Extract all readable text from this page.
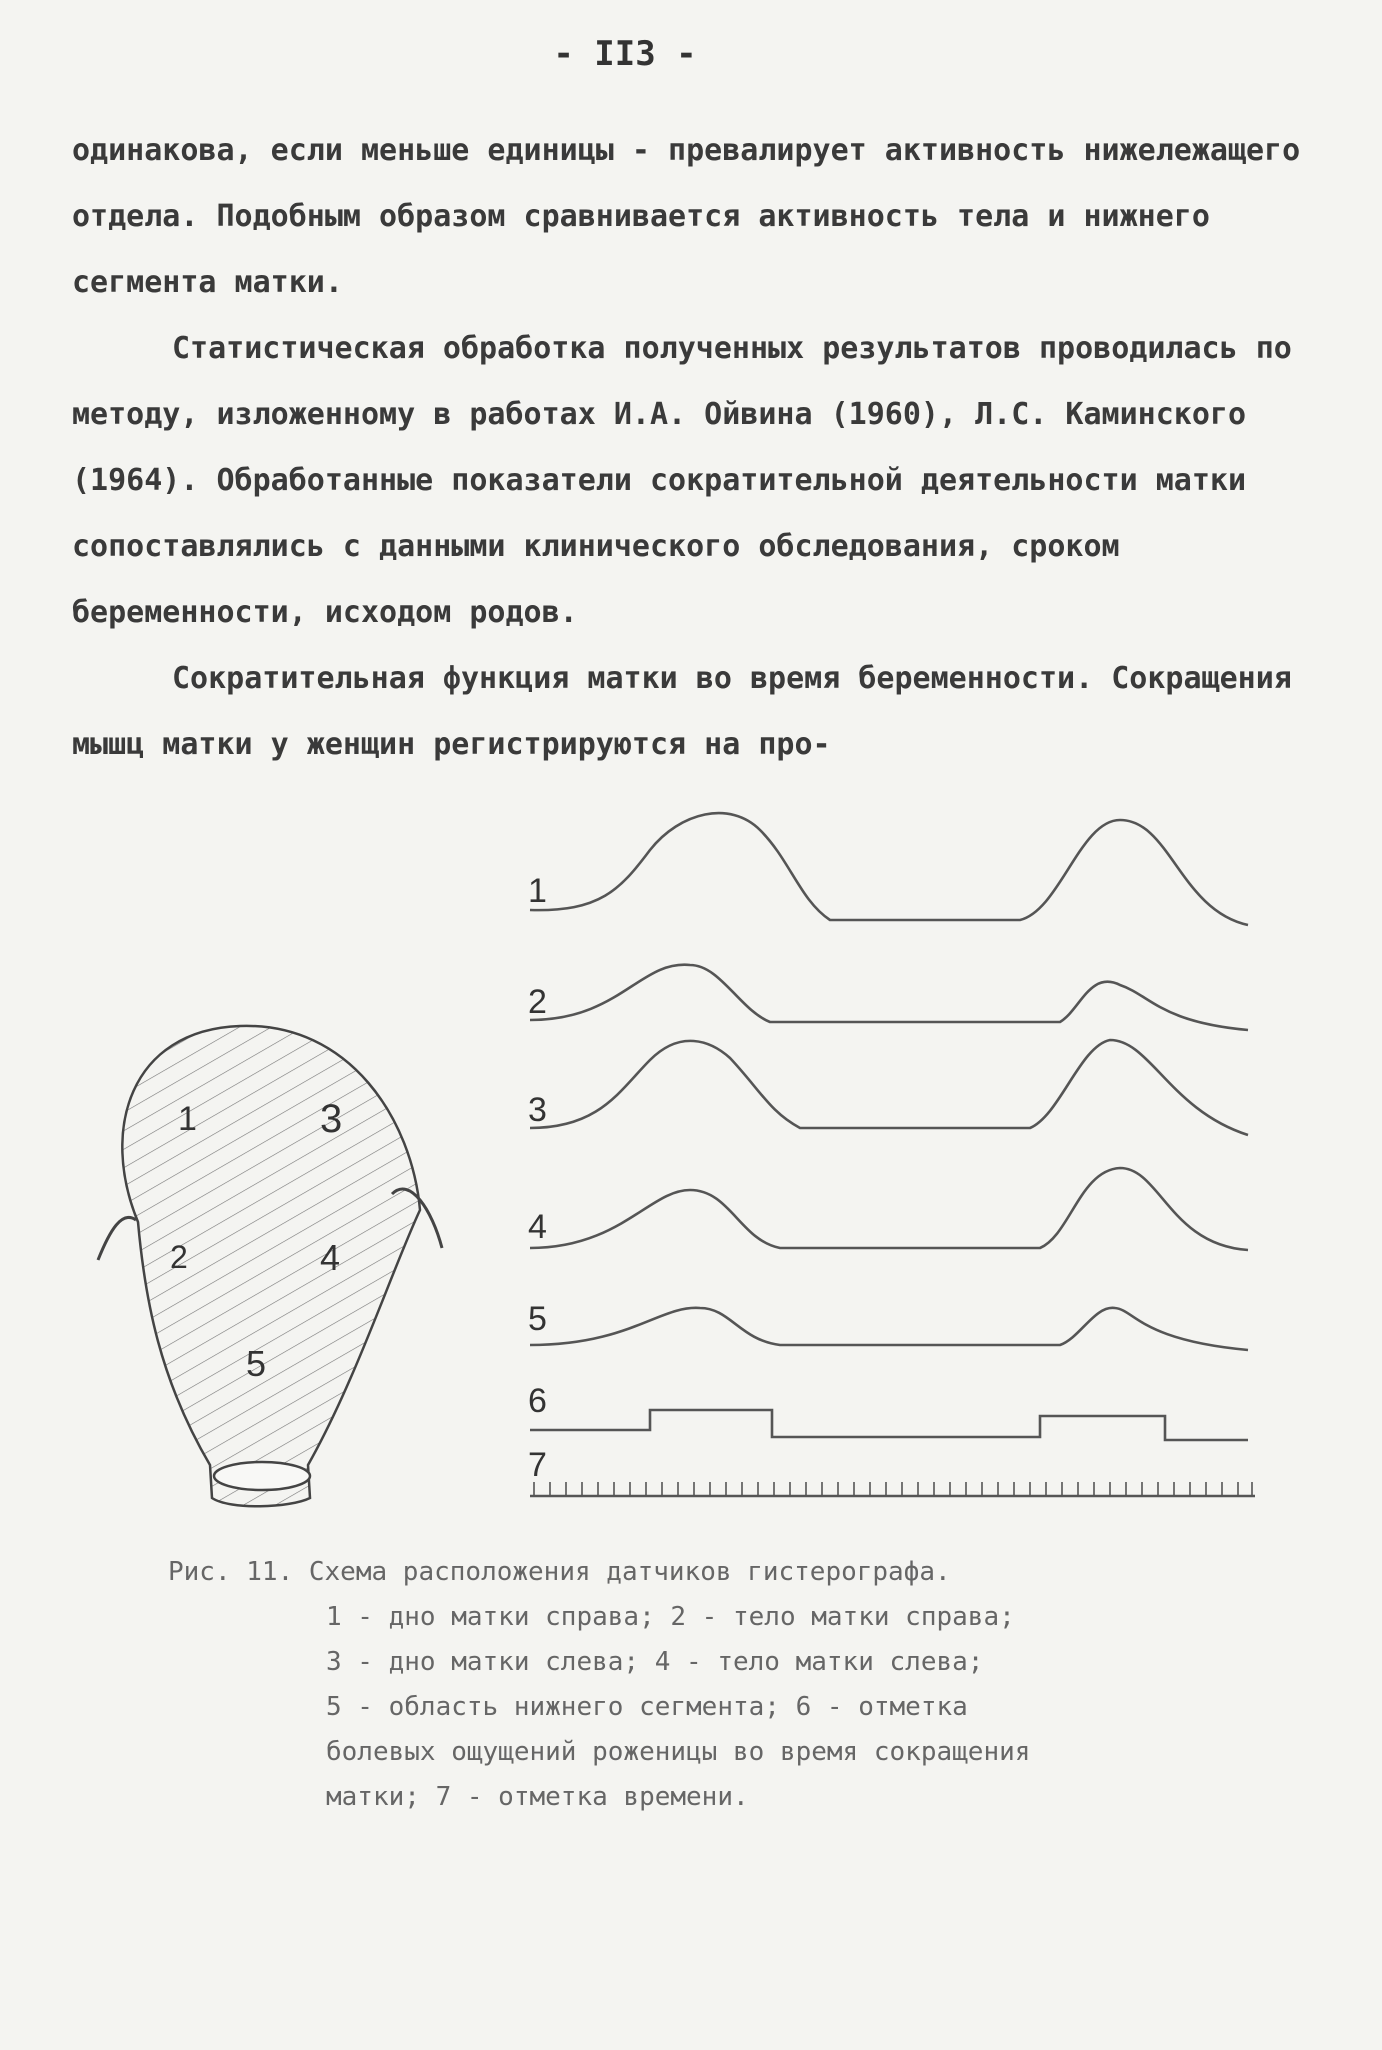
- II3 -

одинакова, если меньше единицы - превалирует активность нижележащего отдела. Подобным образом сравнивается активность тела и нижнего сегмента матки.

Статистическая обработка полученных результатов проводилась по методу, изложенному в работах И.А. Ойвина (1960), Л.С. Каминского (1964). Обработанные показатели сократительной деятельности матки сопоставлялись с данными клинического обследования, сроком беременности, исходом родов.

Сократительная функция матки во время беременности. Сокращения мышц матки у женщин регистрируются на про-

1	3
2	4
5
1
2
3
4
5
6
7

Рис. 11. Схема расположения датчиков гистерографа.

1 - дно матки справа; 2 - тело матки справа;

3 - дно матки слева; 4 - тело матки слева;

5 - область нижнего сегмента; 6 - отметка

болевых ощущений роженицы во время сокращения

матки; 7 - отметка времени.
